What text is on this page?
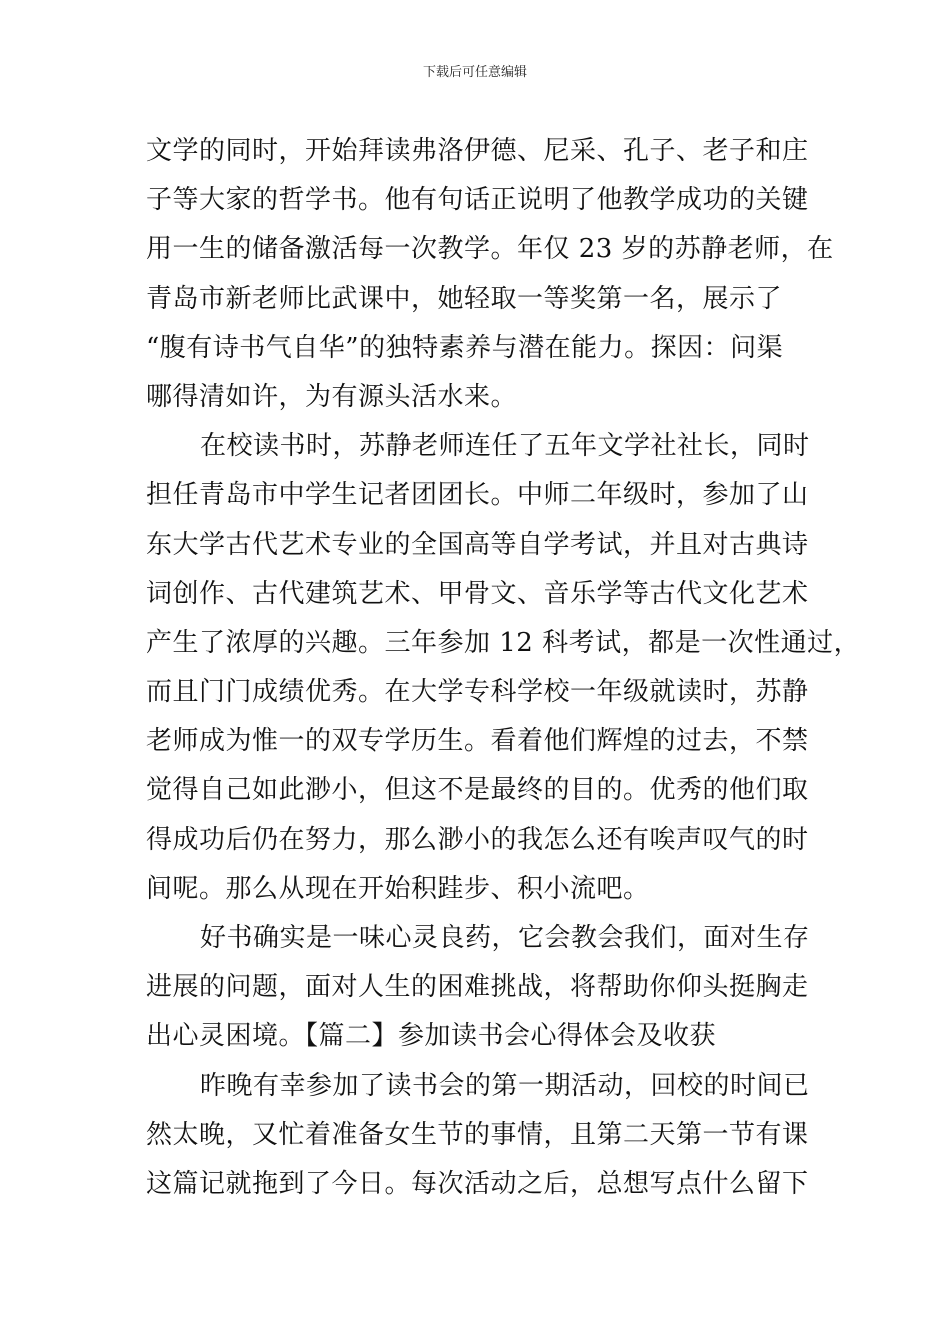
下载后可任意编辑
文学的同时，开始拜读弗洛伊德、尼采、孔子、老子和庄
子等大家的哲学书。他有句话正说明了他教学成功的关键
用一生的储备激活每一次教学。年仅 23 岁的苏静老师，在
青岛市新老师比武课中，她轻取一等奖第一名，展示了
“腹有诗书气自华”的独特素养与潜在能力。探因：问渠
哪得清如许，为有源头活水来。
在校读书时，苏静老师连任了五年文学社社长，同时
担任青岛市中学生记者团团长。中师二年级时，参加了山
东大学古代艺术专业的全国高等自学考试，并且对古典诗
词创作、古代建筑艺术、甲骨文、音乐学等古代文化艺术
产生了浓厚的兴趣。三年参加 12 科考试，都是一次性通过，
而且门门成绩优秀。在大学专科学校一年级就读时，苏静
老师成为惟一的双专学历生。看着他们辉煌的过去，不禁
觉得自己如此渺小，但这不是最终的目的。优秀的他们取
得成功后仍在努力，那么渺小的我怎么还有唉声叹气的时
间呢。那么从现在开始积跬步、积小流吧。
好书确实是一味心灵良药，它会教会我们，面对生存
进展的问题，面对人生的困难挑战，将帮助你仰头挺胸走
出心灵困境。【篇二】参加读书会心得体会及收获
昨晚有幸参加了读书会的第一期活动，回校的时间已
然太晚，又忙着准备女生节的事情，且第二天第一节有课
这篇记就拖到了今日。每次活动之后，总想写点什么留下
